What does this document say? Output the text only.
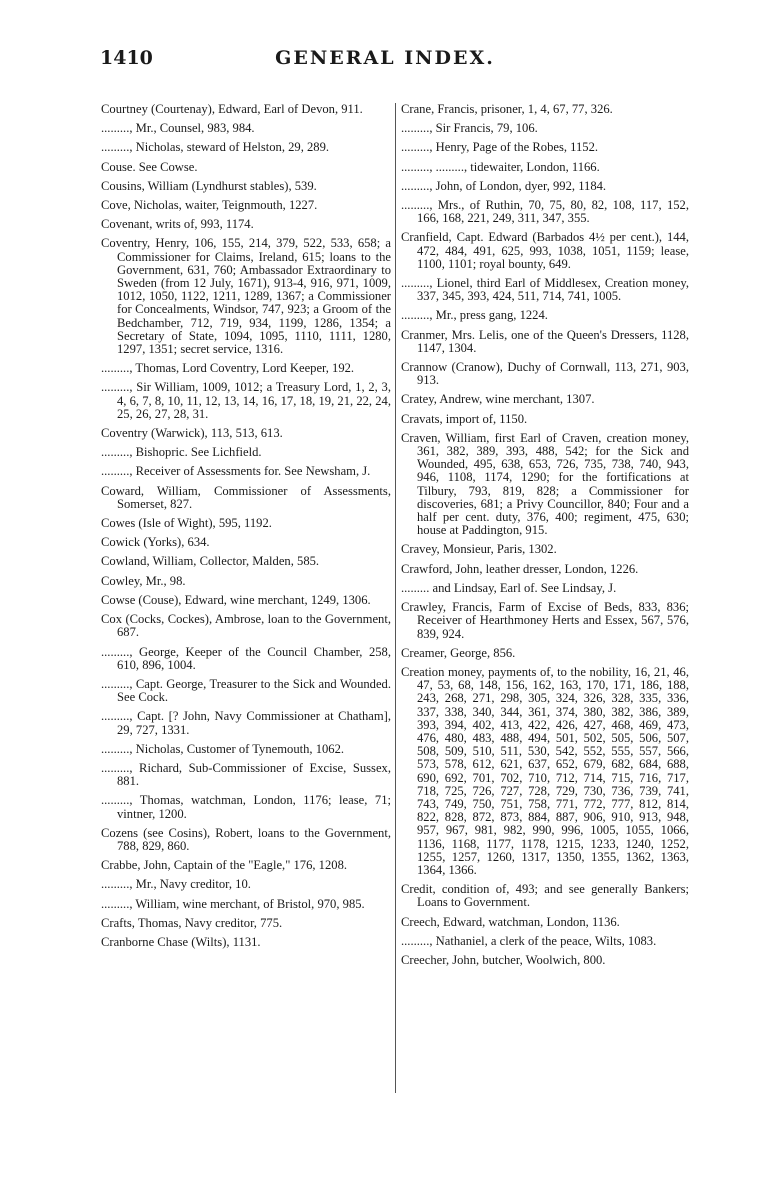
1410	GENERAL INDEX.

Courtney (Courtenay), Edward, Earl of Devon, 911.

........., Mr., Counsel, 983, 984.

........., Nicholas, steward of Helston, 29, 289.

Couse. See Cowse.

Cousins, William (Lyndhurst stables), 539.

Cove, Nicholas, waiter, Teignmouth, 1227.

Covenant, writs of, 993, 1174.

Coventry, Henry, 106, 155, 214, 379, 522, 533, 658; a Commissioner for Claims, Ireland, 615; loans to the Government, 631, 760; Ambassador Extraordinary to Sweden (from 12 July, 1671), 913-4, 916, 971, 1009, 1012, 1050, 1122, 1211, 1289, 1367; a Commissioner for Concealments, Windsor, 747, 923; a Groom of the Bedchamber, 712, 719, 934, 1199, 1286, 1354; a Secretary of State, 1094, 1095, 1110, 1111, 1280, 1297, 1351; secret service, 1316.

........., Thomas, Lord Coventry, Lord Keeper, 192.

........., Sir William, 1009, 1012; a Treasury Lord, 1, 2, 3, 4, 6, 7, 8, 10, 11, 12, 13, 14, 16, 17, 18, 19, 21, 22, 24, 25, 26, 27, 28, 31.

Coventry (Warwick), 113, 513, 613.

........., Bishopric. See Lichfield.

........., Receiver of Assessments for. See Newsham, J.

Coward, William, Commissioner of Assessments, Somerset, 827.

Cowes (Isle of Wight), 595, 1192.

Cowick (Yorks), 634.

Cowland, William, Collector, Malden, 585.

Cowley, Mr., 98.

Cowse (Couse), Edward, wine merchant, 1249, 1306.

Cox (Cocks, Cockes), Ambrose, loan to the Government, 687.

........., George, Keeper of the Council Chamber, 258, 610, 896, 1004.

........., Capt. George, Treasurer to the Sick and Wounded. See Cock.

........., Capt. [? John, Navy Commissioner at Chatham], 29, 727, 1331.

........., Nicholas, Customer of Tynemouth, 1062.

........., Richard, Sub-Commissioner of Excise, Sussex, 881.

........., Thomas, watchman, London, 1176; lease, 71; vintner, 1200.

Cozens (see Cosins), Robert, loans to the Government, 788, 829, 860.

Crabbe, John, Captain of the "Eagle," 176, 1208.

........., Mr., Navy creditor, 10.

........., William, wine merchant, of Bristol, 970, 985.

Crafts, Thomas, Navy creditor, 775.

Cranborne Chase (Wilts), 1131.

Crane, Francis, prisoner, 1, 4, 67, 77, 326.

........., Sir Francis, 79, 106.

........., Henry, Page of the Robes, 1152.

........., ........., tidewaiter, London, 1166.

........., John, of London, dyer, 992, 1184.

........., Mrs., of Ruthin, 70, 75, 80, 82, 108, 117, 152, 166, 168, 221, 249, 311, 347, 355.

Cranfield, Capt. Edward (Barbados 4½ per cent.), 144, 472, 484, 491, 625, 993, 1038, 1051, 1159; lease, 1100, 1101; royal bounty, 649.

........., Lionel, third Earl of Middlesex, Creation money, 337, 345, 393, 424, 511, 714, 741, 1005.

........., Mr., press gang, 1224.

Cranmer, Mrs. Lelis, one of the Queen's Dressers, 1128, 1147, 1304.

Crannow (Cranow), Duchy of Cornwall, 113, 271, 903, 913.

Cratey, Andrew, wine merchant, 1307.

Cravats, import of, 1150.

Craven, William, first Earl of Craven, creation money, 361, 382, 389, 393, 488, 542; for the Sick and Wounded, 495, 638, 653, 726, 735, 738, 740, 943, 946, 1108, 1174, 1290; for the fortifications at Tilbury, 793, 819, 828; a Commissioner for discoveries, 681; a Privy Councillor, 840; Four and a half per cent. duty, 376, 400; regiment, 475, 630; house at Paddington, 915.

Cravey, Monsieur, Paris, 1302.

Crawford, John, leather dresser, London, 1226.

......... and Lindsay, Earl of. See Lindsay, J.

Crawley, Francis, Farm of Excise of Beds, 833, 836; Receiver of Hearthmoney Herts and Essex, 567, 576, 839, 924.

Creamer, George, 856.

Creation money, payments of, to the nobility, 16, 21, 46, 47, 53, 68, 148, 156, 162, 163, 170, 171, 186, 188, 243, 268, 271, 298, 305, 324, 326, 328, 335, 336, 337, 338, 340, 344, 361, 374, 380, 382, 386, 389, 393, 394, 402, 413, 422, 426, 427, 468, 469, 473, 476, 480, 483, 488, 494, 501, 502, 505, 506, 507, 508, 509, 510, 511, 530, 542, 552, 555, 557, 566, 573, 578, 612, 621, 637, 652, 679, 682, 684, 688, 690, 692, 701, 702, 710, 712, 714, 715, 716, 717, 718, 725, 726, 727, 728, 729, 730, 736, 739, 741, 743, 749, 750, 751, 758, 771, 772, 777, 812, 814, 822, 828, 872, 873, 884, 887, 906, 910, 913, 948, 957, 967, 981, 982, 990, 996, 1005, 1055, 1066, 1136, 1168, 1177, 1178, 1215, 1233, 1240, 1252, 1255, 1257, 1260, 1317, 1350, 1355, 1362, 1363, 1364, 1366.

Credit, condition of, 493; and see generally Bankers; Loans to Government.

Creech, Edward, watchman, London, 1136.

........., Nathaniel, a clerk of the peace, Wilts, 1083.

Creecher, John, butcher, Woolwich, 800.
